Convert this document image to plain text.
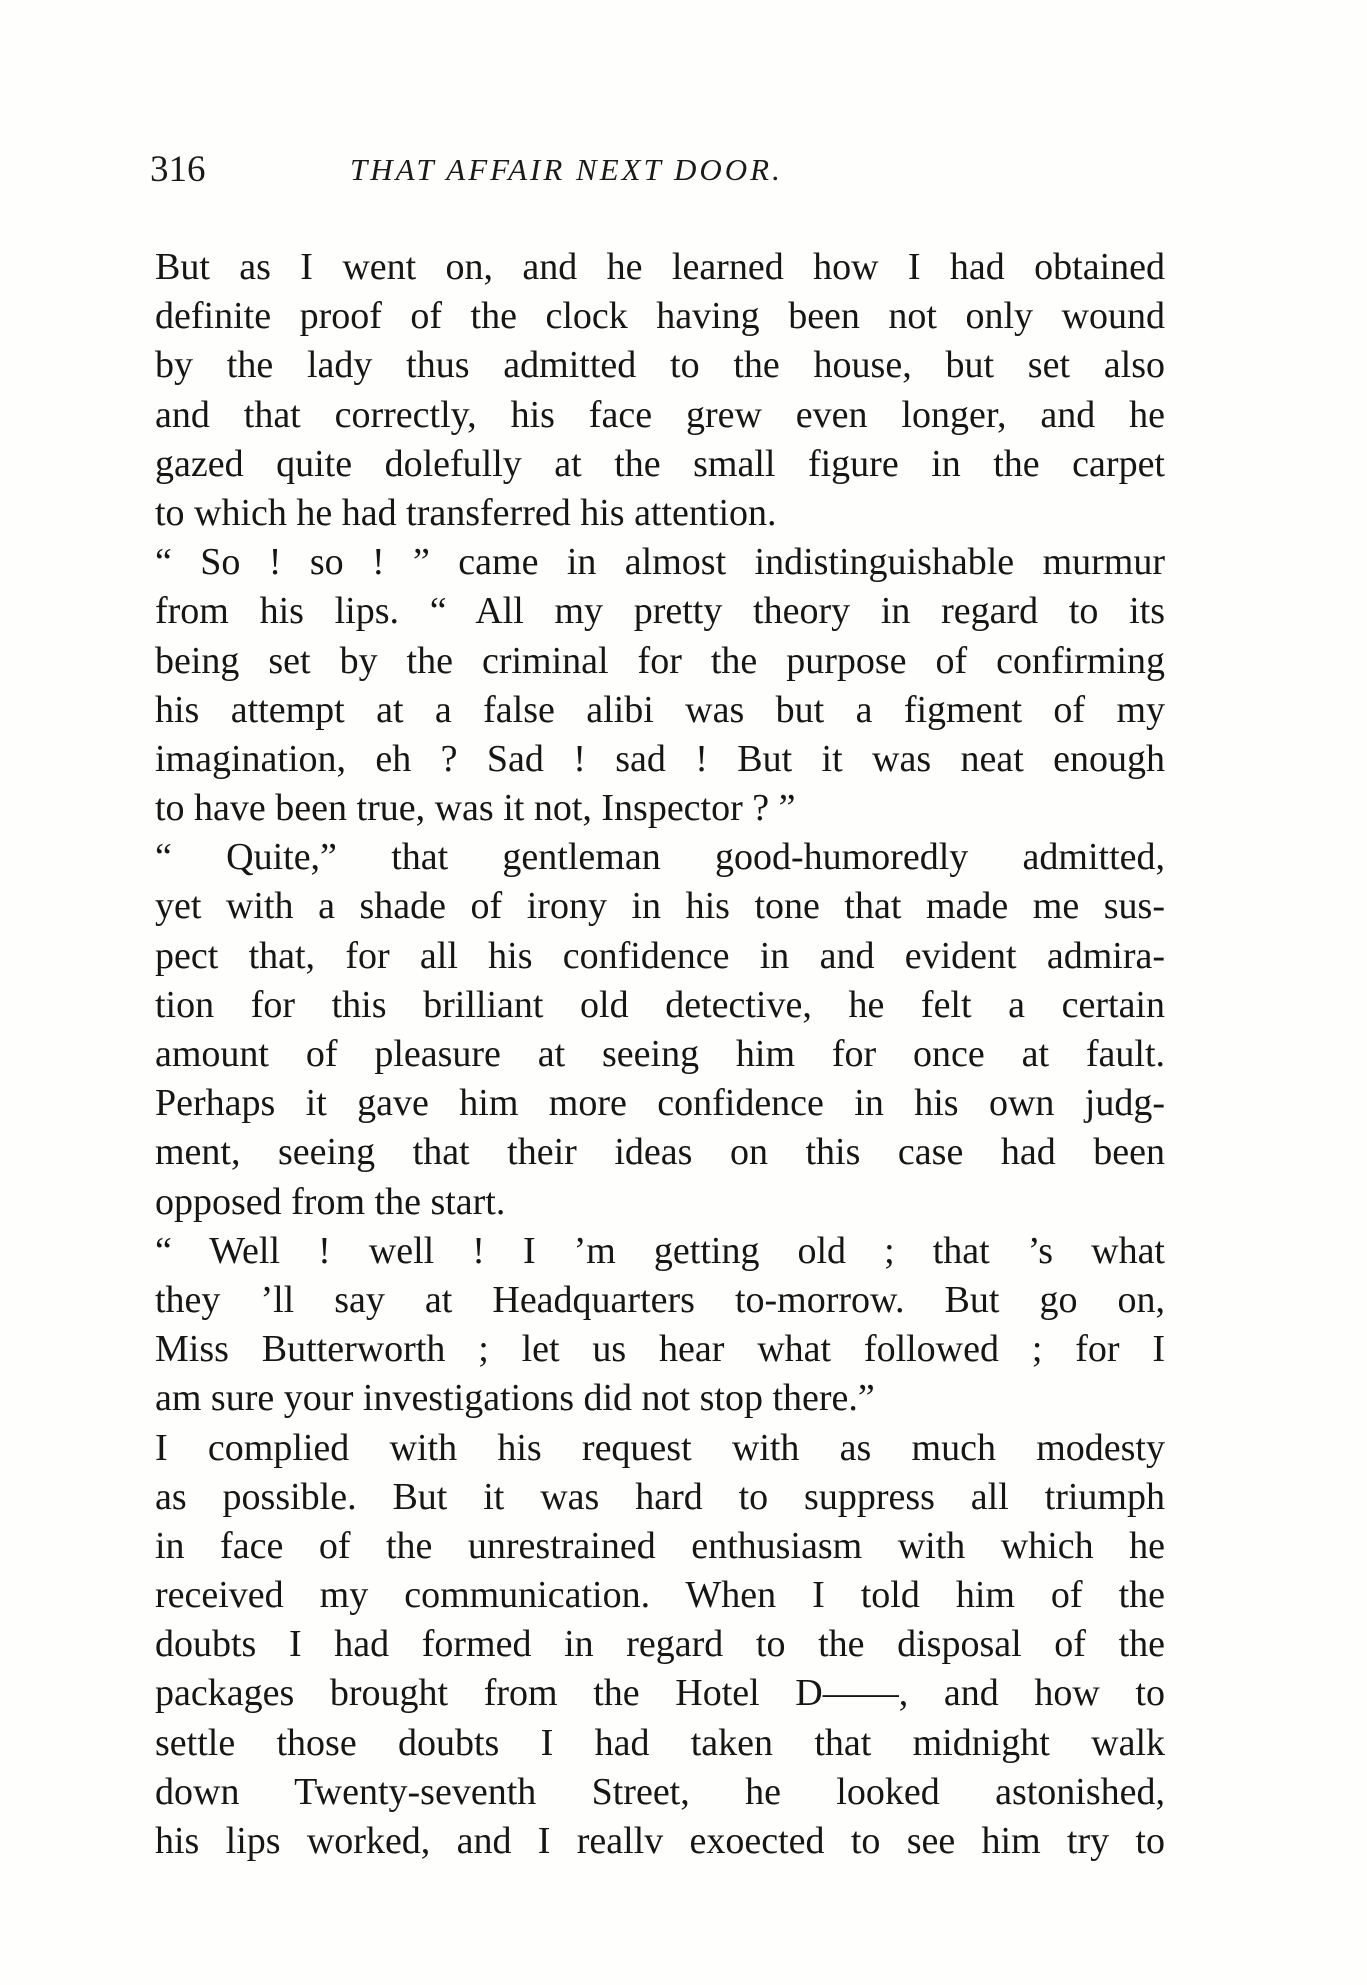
316	THAT AFFAIR NEXT DOOR.
But as I went on, and he learned how I had obtained
definite proof of the clock having been not only wound
by the lady thus admitted to the house, but set also
and that correctly, his face grew even longer, and he
gazed quite dolefully at the small figure in the carpet
to which he had transferred his attention.
“ So ! so ! ” came in almost indistinguishable murmur
from his lips. “ All my pretty theory in regard to its
being set by the criminal for the purpose of confirming
his attempt at a false alibi was but a figment of my
imagination, eh ? Sad ! sad ! But it was neat enough
to have been true, was it not, Inspector ? ”
“ Quite,” that gentleman good-humoredly admitted,
yet with a shade of irony in his tone that made me sus-
pect that, for all his confidence in and evident admira-
tion for this brilliant old detective, he felt a certain
amount of pleasure at seeing him for once at fault.
Perhaps it gave him more confidence in his own judg-
ment, seeing that their ideas on this case had been
opposed from the start.
“ Well ! well ! I ’m getting old ; that ’s what
they ’ll say at Headquarters to-morrow. But go on,
Miss Butterworth ; let us hear what followed ; for I
am sure your investigations did not stop there.”
I complied with his request with as much modesty
as possible. But it was hard to suppress all triumph
in face of the unrestrained enthusiasm with which he
received my communication. When I told him of the
doubts I had formed in regard to the disposal of the
packages brought from the Hotel D——, and how to
settle those doubts I had taken that midnight walk
down Twenty-seventh Street, he looked astonished,
his lips worked, and I reallv exoected to see him try to
